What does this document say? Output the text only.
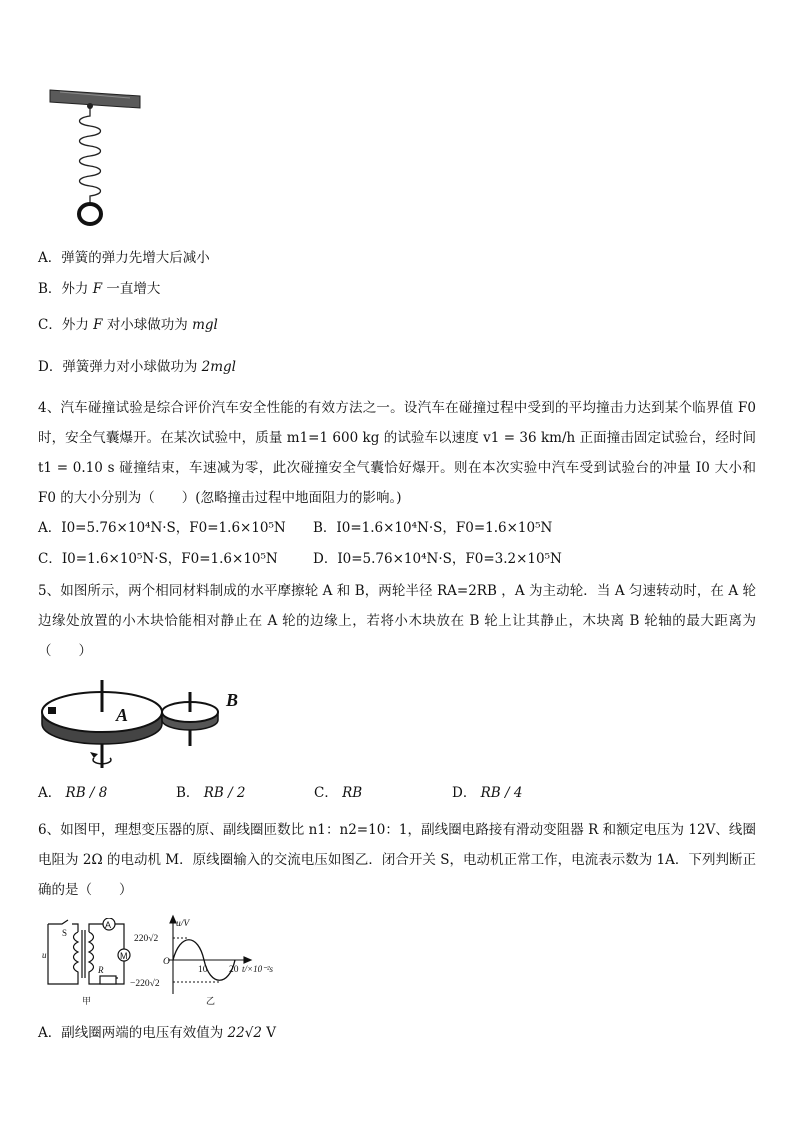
A．弹簧的弹力先增大后减小
B．外力 F 一直增大
C．外力 F 对小球做功为 mgl
D．弹簧弹力对小球做功为 2mgl
4、汽车碰撞试验是综合评价汽车安全性能的有效方法之一。设汽车在碰撞过程中受到的平均撞击力达到某个临界值 F0 时，安全气囊爆开。在某次试验中，质量 m1=1 600 kg 的试验车以速度 v1 = 36 km/h 正面撞击固定试验台，经时间 t1 = 0.10 s 碰撞结束，车速减为零，此次碰撞安全气囊恰好爆开。则在本次实验中汽车受到试验台的冲量 I0 大小和 F0 的大小分别为（　　）(忽略撞击过程中地面阻力的影响。)
A．I0=5.76×10⁴N·S，F0=1.6×10⁵N B．I0=1.6×10⁴N·S，F0=1.6×10⁵N
C．I0=1.6×10⁵N·S，F0=1.6×10⁵N	D．I0=5.76×10⁴N·S，F0=3.2×10⁵N
5、如图所示，两个相同材料制成的水平摩擦轮 A 和 B，两轮半径 RA=2RB ，A 为主动轮．当 A 匀速转动时，在 A 轮边缘处放置的小木块恰能相对静止在 A 轮的边缘上，若将小木块放在 B 轮上让其静止，木块离 B 轮轴的最大距离为（　　）
A
B
A． RB / 8	B． RB / 2	C． RB	D． RB / 4
6、如图甲，理想变压器的原、副线圈匝数比 n1：n2=10：1，副线圈电路接有滑动变阻器 R 和额定电压为 12V、线圈电阻为 2Ω 的电动机 M．原线圈输入的交流电压如图乙．闭合开关 S，电动机正常工作，电流表示数为 1A．下列判断正确的是（　　）
A
M
R
S
u
甲
u/V
220√2
−220√2
O
10 20 t/×10⁻²s
乙
A．副线圈两端的电压有效值为 22√2 V
